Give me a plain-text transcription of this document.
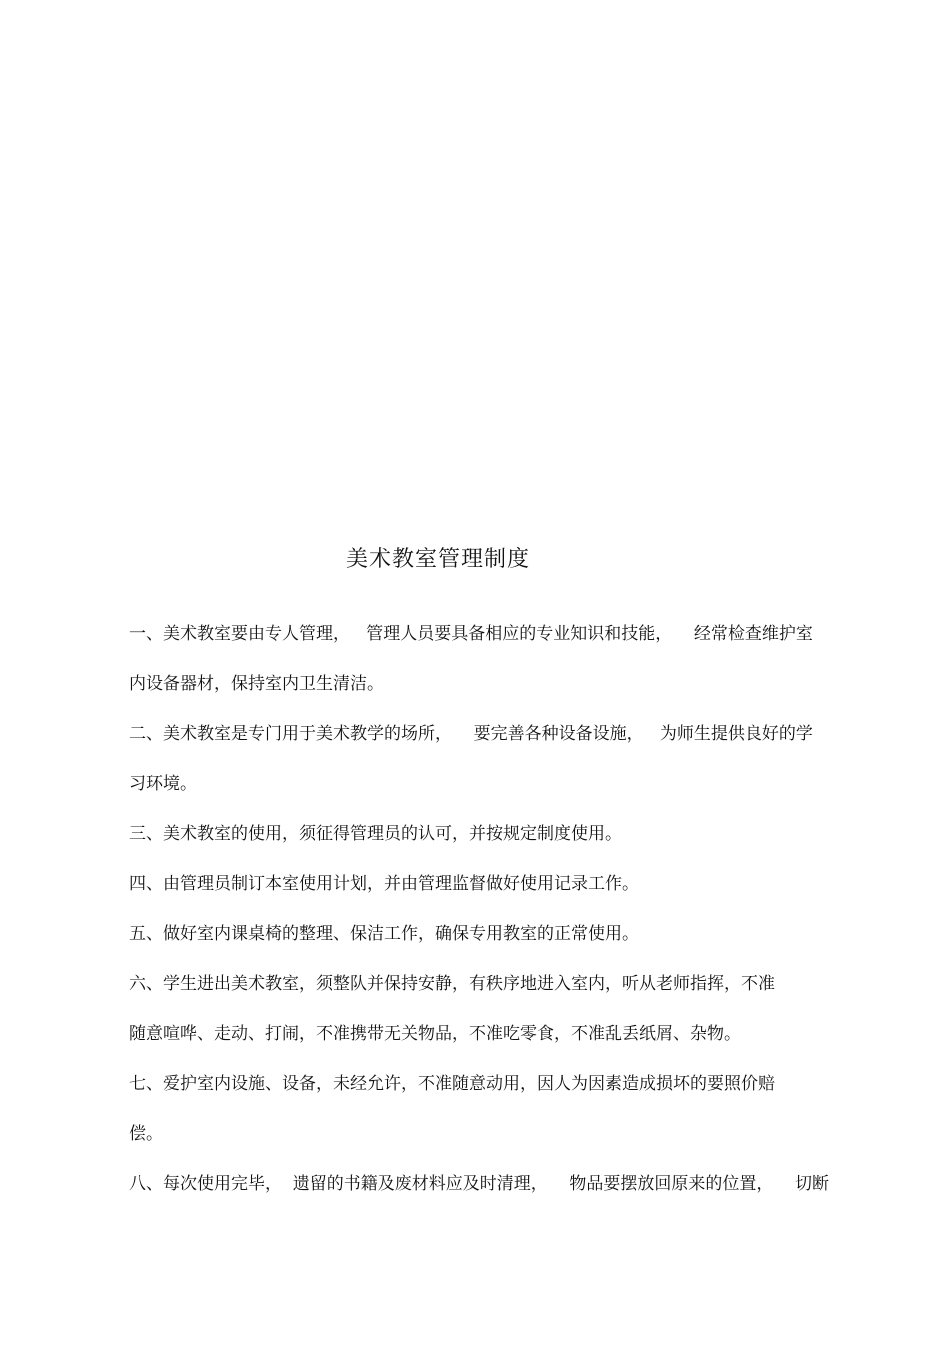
美术教室管理制度
一、美术教室要由专人管理，   管理人员要具备相应的专业知识和技能，    经常检查维护室
内设备器材，保持室内卫生清洁。
二、美术教室是专门用于美术教学的场所，    要完善各种设备设施，   为师生提供良好的学
习环境。
三、美术教室的使用，须征得管理员的认可，并按规定制度使用。
四、由管理员制订本室使用计划，并由管理监督做好使用记录工作。
五、做好室内课桌椅的整理、保洁工作，确保专用教室的正常使用。
六、学生进出美术教室，须整队并保持安静，有秩序地进入室内，听从老师指挥，不准
随意喧哗、走动、打闹，不准携带无关物品，不准吃零食，不准乱丢纸屑、杂物。
七、爱护室内设施、设备，未经允许，不准随意动用，因人为因素造成损坏的要照价赔
偿。
八、每次使用完毕，  遗留的书籍及废材料应及时清理，    物品要摆放回原来的位置，    切断
